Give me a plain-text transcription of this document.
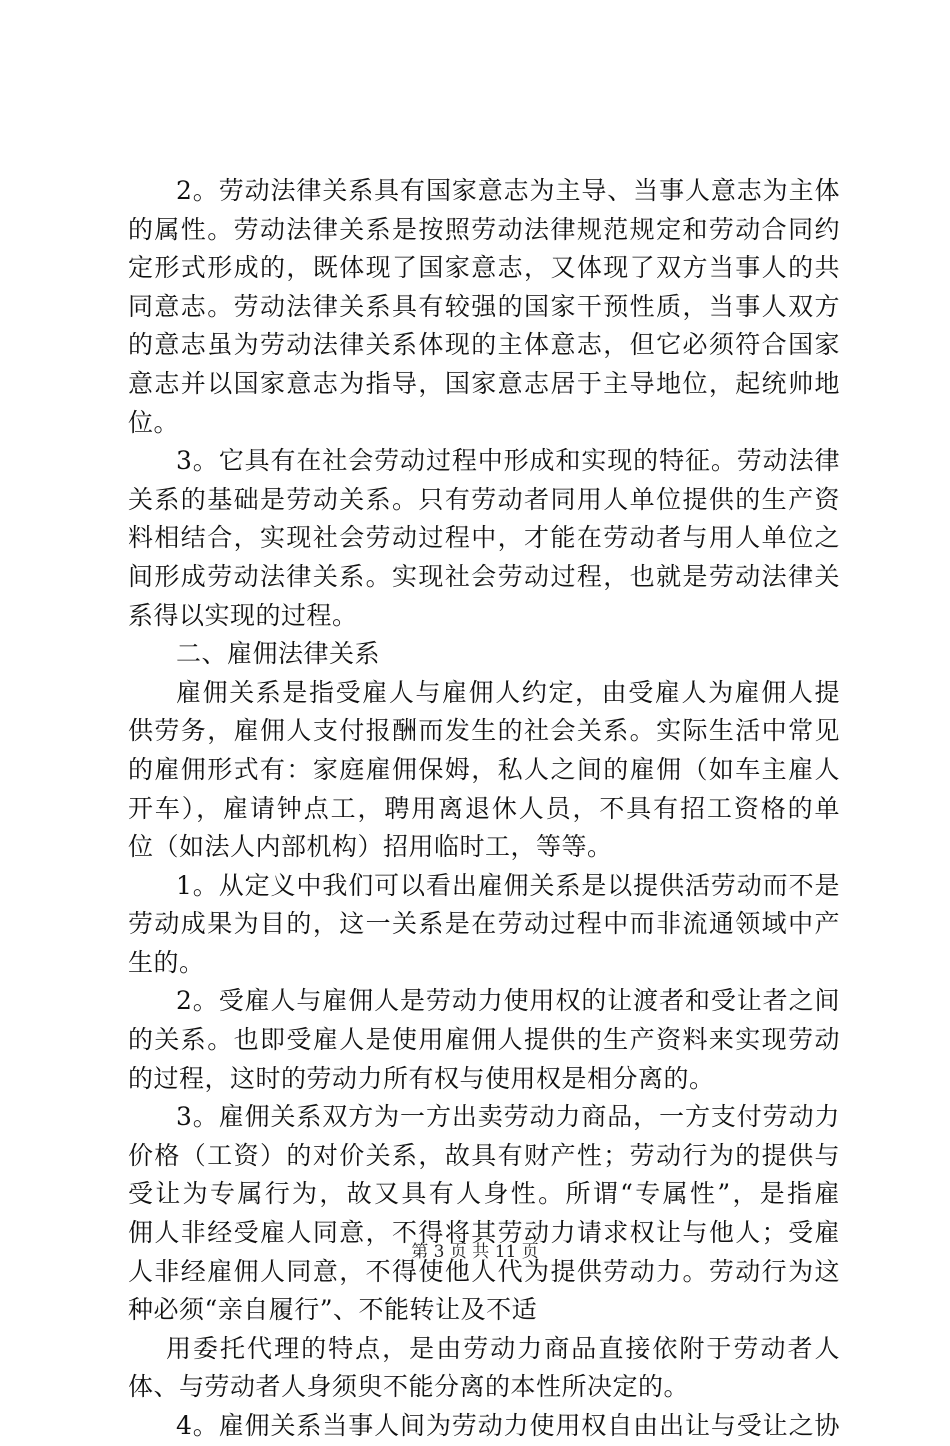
2。劳动法律关系具有国家意志为主导、当事人意志为主体
的属性。劳动法律关系是按照劳动法律规范规定和劳动合同约
定形式形成的，既体现了国家意志，又体现了双方当事人的共
同意志。劳动法律关系具有较强的国家干预性质，当事人双方
的意志虽为劳动法律关系体现的主体意志，但它必须符合国家
意志并以国家意志为指导，国家意志居于主导地位，起统帅地
位。
3。它具有在社会劳动过程中形成和实现的特征。劳动法律
关系的基础是劳动关系。只有劳动者同用人单位提供的生产资
料相结合，实现社会劳动过程中，才能在劳动者与用人单位之
间形成劳动法律关系。实现社会劳动过程，也就是劳动法律关
系得以实现的过程。
二、雇佣法律关系
雇佣关系是指受雇人与雇佣人约定，由受雇人为雇佣人提
供劳务，雇佣人支付报酬而发生的社会关系。实际生活中常见
的雇佣形式有：家庭雇佣保姆，私人之间的雇佣（如车主雇人
开车），雇请钟点工，聘用离退休人员，不具有招工资格的单
位（如法人内部机构）招用临时工，等等。
1。从定义中我们可以看出雇佣关系是以提供活劳动而不是
劳动成果为目的，这一关系是在劳动过程中而非流通领域中产
生的。
2。受雇人与雇佣人是劳动力使用权的让渡者和受让者之间
的关系。也即受雇人是使用雇佣人提供的生产资料来实现劳动
的过程，这时的劳动力所有权与使用权是相分离的。
3。雇佣关系双方为一方出卖劳动力商品，一方支付劳动力
价格（工资）的对价关系，故具有财产性；劳动行为的提供与
受让为专属行为，故又具有人身性。所谓“专属性”，是指雇
佣人非经受雇人同意，不得将其劳动力请求权让与他人；受雇
人非经雇佣人同意，不得使他人代为提供劳动力。劳动行为这
种必须“亲自履行”、不能转让及不适
用委托代理的特点，是由劳动力商品直接依附于劳动者人
体、与劳动者人身须臾不能分离的本性所决定的。
4。雇佣关系当事人间为劳动力使用权自由出让与受让之协
第 3 页 共 11 页
